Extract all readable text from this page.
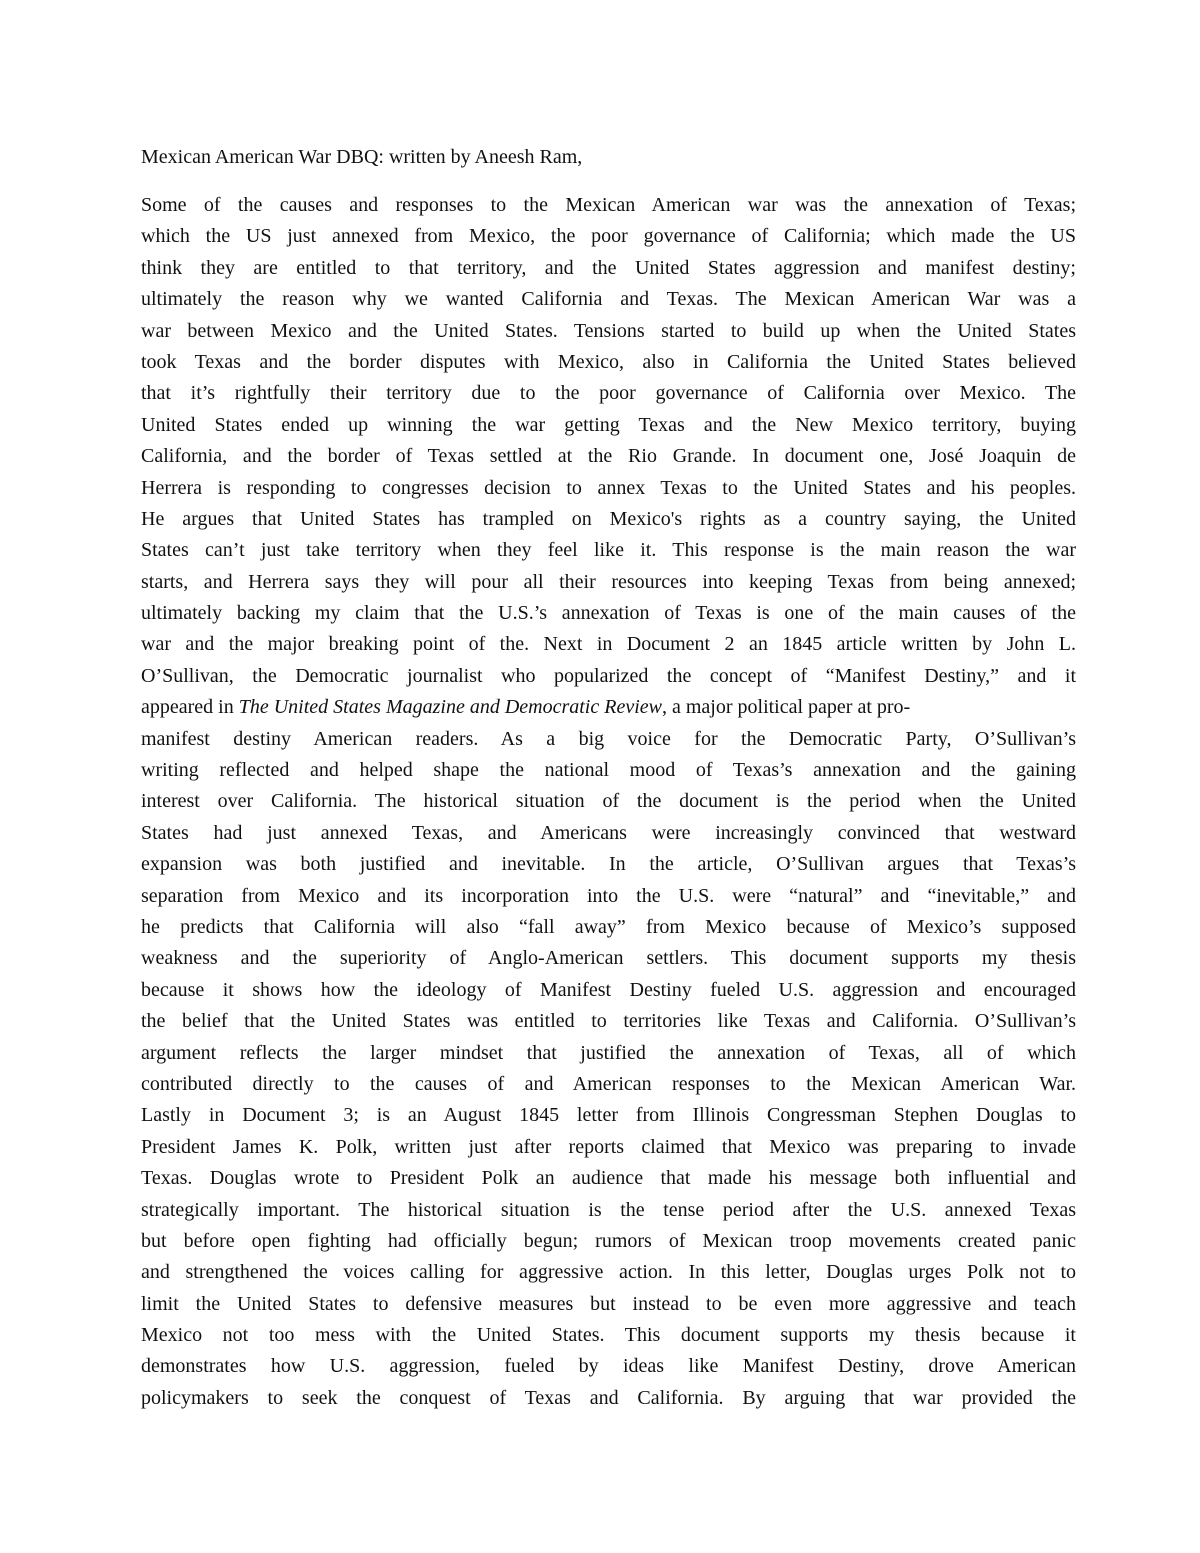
Mexican American War DBQ: written by Aneesh Ram,
Some of the causes and responses to the Mexican American war was the annexation of Texas;
which the US just annexed from Mexico, the poor governance of California; which made the US
think they are entitled to that territory, and the United States aggression and manifest destiny;
ultimately the reason why we wanted California and Texas. The Mexican American War was a
war between Mexico and the United States. Tensions started to build up when the United States
took Texas and the border disputes with Mexico, also in California the United States believed
that it’s rightfully their territory due to the poor governance of California over Mexico. The
United States ended up winning the war getting Texas and the New Mexico territory, buying
California, and the border of Texas settled at the Rio Grande. In document one, José Joaquin de
Herrera is responding to congresses decision to annex Texas to the United States and his peoples.
He argues that United States has trampled on Mexico's rights as a country saying, the United
States can’t just take territory when they feel like it. This response is the main reason the war
starts, and Herrera says they will pour all their resources into keeping Texas from being annexed;
ultimately backing my claim that the U.S.’s annexation of Texas is one of the main causes of the
war and the major breaking point of the. Next in Document 2 an 1845 article written by John L.
O’Sullivan, the Democratic journalist who popularized the concept of “Manifest Destiny,” and it
appeared in The United States Magazine and Democratic Review, a major political paper at pro-
manifest destiny American readers. As a big voice for the Democratic Party, O’Sullivan’s
writing reflected and helped shape the national mood of Texas’s annexation and the gaining
interest over California. The historical situation of the document is the period when the United
States had just annexed Texas, and Americans were increasingly convinced that westward
expansion was both justified and inevitable. In the article, O’Sullivan argues that Texas’s
separation from Mexico and its incorporation into the U.S. were “natural” and “inevitable,” and
he predicts that California will also “fall away” from Mexico because of Mexico’s supposed
weakness and the superiority of Anglo-American settlers. This document supports my thesis
because it shows how the ideology of Manifest Destiny fueled U.S. aggression and encouraged
the belief that the United States was entitled to territories like Texas and California. O’Sullivan’s
argument reflects the larger mindset that justified the annexation of Texas, all of which
contributed directly to the causes of and American responses to the Mexican American War.
Lastly in Document 3; is an August 1845 letter from Illinois Congressman Stephen Douglas to
President James K. Polk, written just after reports claimed that Mexico was preparing to invade
Texas. Douglas wrote to President Polk an audience that made his message both influential and
strategically important. The historical situation is the tense period after the U.S. annexed Texas
but before open fighting had officially begun; rumors of Mexican troop movements created panic
and strengthened the voices calling for aggressive action. In this letter, Douglas urges Polk not to
limit the United States to defensive measures but instead to be even more aggressive and teach
Mexico not too mess with the United States. This document supports my thesis because it
demonstrates how U.S. aggression, fueled by ideas like Manifest Destiny, drove American
policymakers to seek the conquest of Texas and California. By arguing that war provided the
